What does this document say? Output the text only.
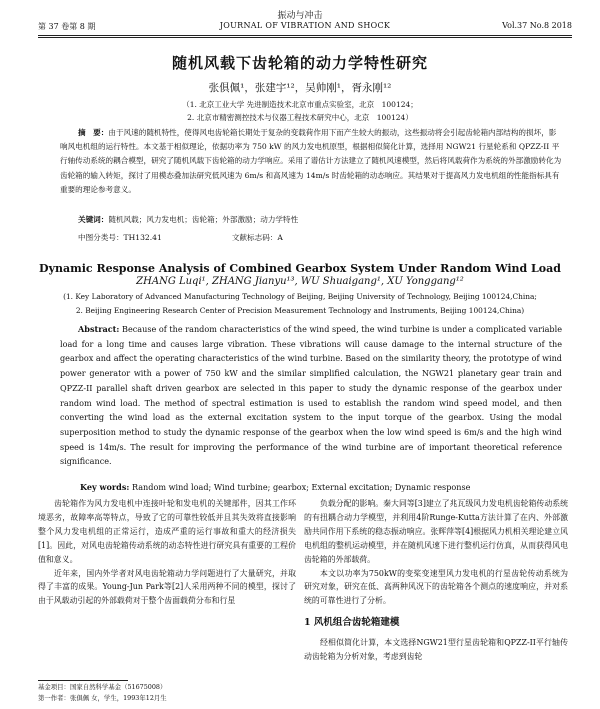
振动与冲击
第 37 卷第 8 期	JOURNAL OF VIBRATION AND SHOCK	Vol.37 No.8 2018
随机风载下齿轮箱的动力学特性研究
张俱佩¹，张建宇¹²，吴帅刚¹，胥永刚¹²
（1. 北京工业大学 先进制造技术北京市重点实验室，北京　100124；
2. 北京市精密测控技术与仪器工程技术研究中心，北京　100124）
摘　要：由于风速的随机特性，使得风电齿轮箱长期处于复杂的变载荷作用下而产生较大的振动，这些振动将会引起齿轮箱内部结构的损坏，影响风电机组的运行特性。本文基于相似理论，依据功率为 750 kW 的风力发电机原型，根据相似简化计算，选择用 NGW21 行星轮系和 QPZZ-II 平行轴传动系统的耦合模型，研究了随机风载下齿轮箱的动力学响应。采用了谱估计方法建立了随机风速模型，然后将风载荷作为系统的外部激励转化为齿轮箱的输入转矩，探讨了用模态叠加法研究低风速为 6m/s 和高风速为 14m/s 时齿轮箱的动态响应。其结果对于提高风力发电机组的性能指标具有重要的理论参考意义。
关键词：随机风载；风力发电机；齿轮箱；外部激励；动力学特性
中图分类号：TH132.41	文献标志码：A
Dynamic Response Analysis of Combined Gearbox System Under Random Wind Load
ZHANG Luqi¹, ZHANG Jianyu¹³, WU Shuaigang¹, XU Yonggang¹²
(1. Key Laboratory of Advanced Manufacturing Technology of Beijing, Beijing University of Technology, Beijing 100124,China;
2. Beijing Engineering Research Center of Precision Measurement Technology and Instruments, Beijing 100124,China)
Abstract: Because of the random characteristics of the wind speed, the wind turbine is under a complicated variable load for a long time and causes large vibration. These vibrations will cause damage to the internal structure of the gearbox and affect the operating characteristics of the wind turbine. Based on the similarity theory, the prototype of wind power generator with a power of 750 kW and the similar simplified calculation, the NGW21 planetary gear train and QPZZ-II parallel shaft driven gearbox are selected in this paper to study the dynamic response of the gearbox under random wind load. The method of spectral estimation is used to establish the random wind speed model, and then converting the wind load as the external excitation system to the input torque of the gearbox. Using the modal superposition method to study the dynamic response of the gearbox when the low wind speed is 6m/s and the high wind speed is 14m/s. The result for improving the performance of the wind turbine are of important theoretical reference significance.
Key words: Random wind load; Wind turbine; gearbox; External excitation; Dynamic response

齿轮箱作为风力发电机中连接叶轮和发电机的关键部件，因其工作环境恶劣，故障率高等特点，导致了它的可靠性较低并且其失效将直接影响整个风力发电机组的正常运行，造成严重的运行事故和重大的经济损失[1]。因此，对风电齿轮箱传动系统的动态特性进行研究具有重要的工程价值和意义。

近年来，国内外学者对风电齿轮箱动力学问题进行了大量研究，并取得了丰富的成果。Young-Jun Park等[2]人采用两种不同的模型，探讨了由于风载动引起的外部载荷对于整个齿面载荷分布和行星

负载分配的影响。秦大同等[3]建立了兆瓦级风力发电机齿轮箱传动系统的有扭耦合动力学模型，并利用4阶Runge-Kutta方法计算了在内、外部激励共同作用下系统的稳态振动响应。张辉萍等[4]根据风力机相关理论建立风电机组的整机运动模型，并在随机风速下进行整机运行仿真，从而获得风电齿轮箱的外部载荷。

本文以功率为750kW的变桨变速型风力发电机的行星齿轮传动系统为研究对象，研究在低、高两种风况下的齿轮箱各个测点的速度响应，并对系统的可靠性进行了分析。

1 风机组合齿轮箱建模

经相似简化计算，本文选择NGW21型行星齿轮箱和QPZZ-II平行轴传动齿轮箱为分析对象，考虑到齿轮

基金项目：国家自然科学基金（51675008）
第一作者：张俱佩 女，学生，1993年12月生
